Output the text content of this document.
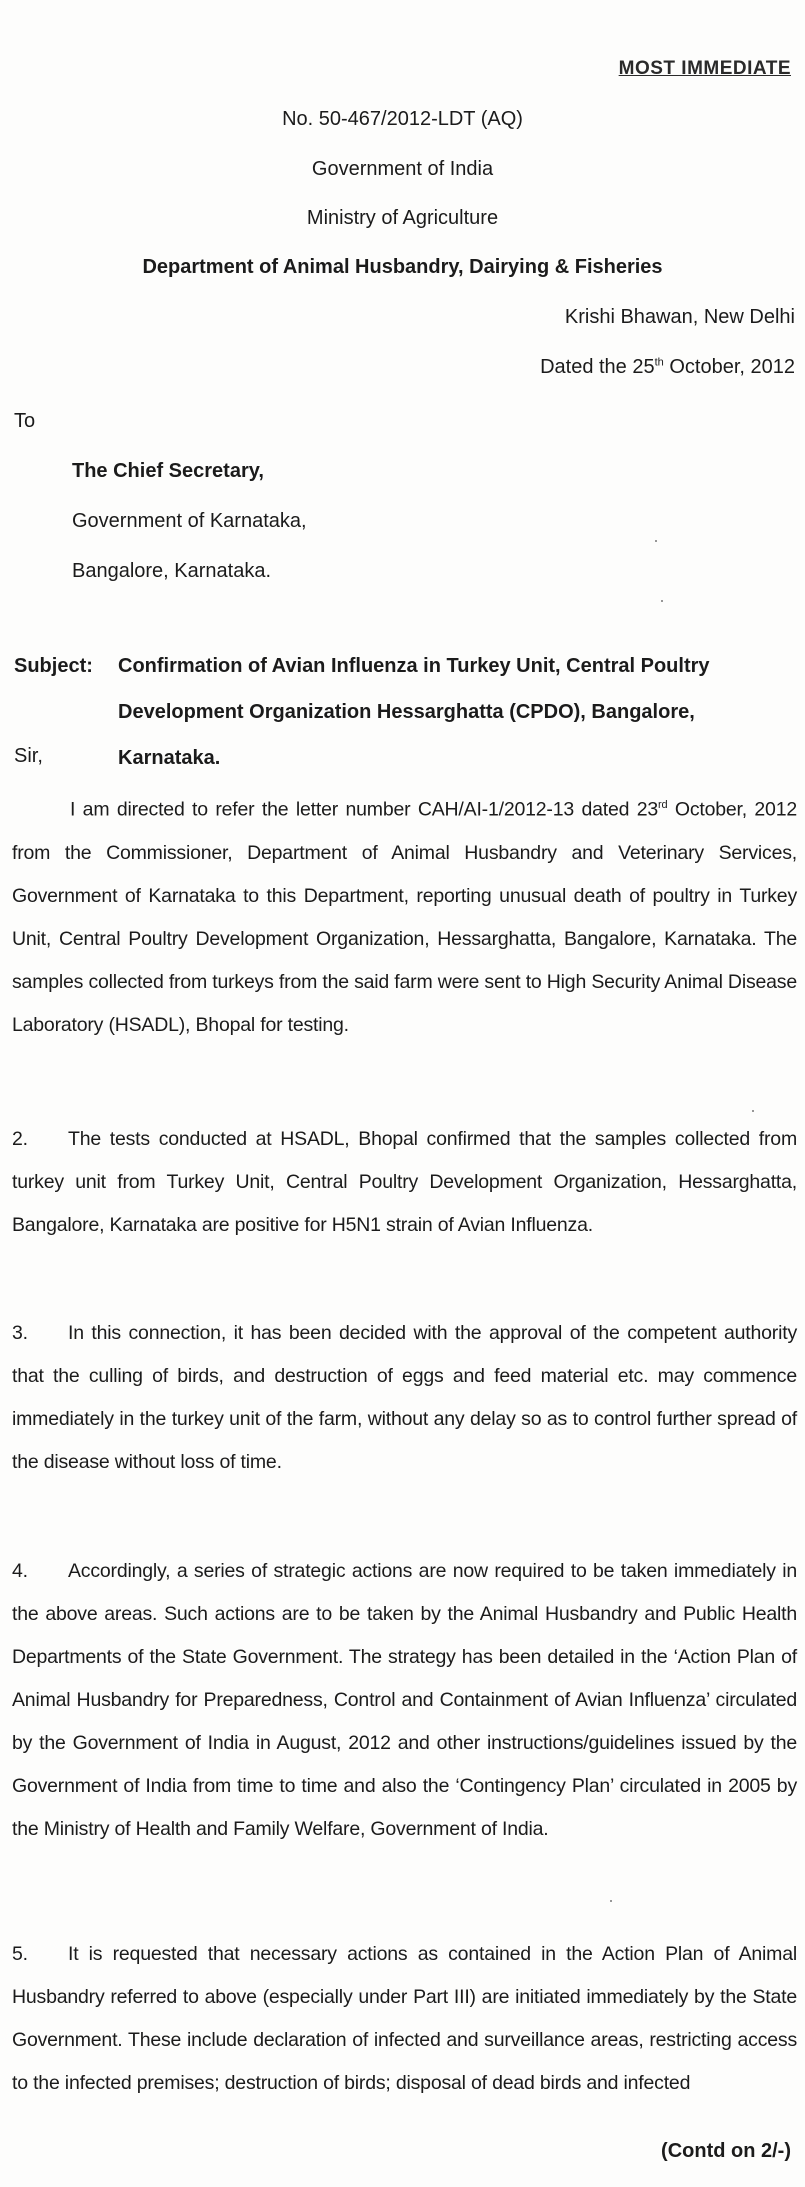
MOST IMMEDIATE
No. 50-467/2012-LDT (AQ)
Government of India
Ministry of Agriculture
Department of Animal Husbandry, Dairying & Fisheries
Krishi Bhawan, New Delhi
Dated the 25th October, 2012
To
The Chief Secretary,
Government of Karnataka,
Bangalore, Karnataka.
Subject: Confirmation of Avian Influenza in Turkey Unit, Central Poultry Development Organization Hessarghatta (CPDO), Bangalore, Karnataka.
Sir,
I am directed to refer the letter number CAH/AI-1/2012-13 dated 23rd October, 2012 from the Commissioner, Department of Animal Husbandry and Veterinary Services, Government of Karnataka to this Department, reporting unusual death of poultry in Turkey Unit, Central Poultry Development Organization, Hessarghatta, Bangalore, Karnataka. The samples collected from turkeys from the said farm were sent to High Security Animal Disease Laboratory (HSADL), Bhopal for testing.
2. The tests conducted at HSADL, Bhopal confirmed that the samples collected from turkey unit from Turkey Unit, Central Poultry Development Organization, Hessarghatta, Bangalore, Karnataka are positive for H5N1 strain of Avian Influenza.
3. In this connection, it has been decided with the approval of the competent authority that the culling of birds, and destruction of eggs and feed material etc. may commence immediately in the turkey unit of the farm, without any delay so as to control further spread of the disease without loss of time.
4. Accordingly, a series of strategic actions are now required to be taken immediately in the above areas. Such actions are to be taken by the Animal Husbandry and Public Health Departments of the State Government. The strategy has been detailed in the ‘Action Plan of Animal Husbandry for Preparedness, Control and Containment of Avian Influenza’ circulated by the Government of India in August, 2012 and other instructions/guidelines issued by the Government of India from time to time and also the ‘Contingency Plan’ circulated in 2005 by the Ministry of Health and Family Welfare, Government of India.
5. It is requested that necessary actions as contained in the Action Plan of Animal Husbandry referred to above (especially under Part III) are initiated immediately by the State Government. These include declaration of infected and surveillance areas, restricting access to the infected premises; destruction of birds; disposal of dead birds and infected
(Contd on 2/-)
